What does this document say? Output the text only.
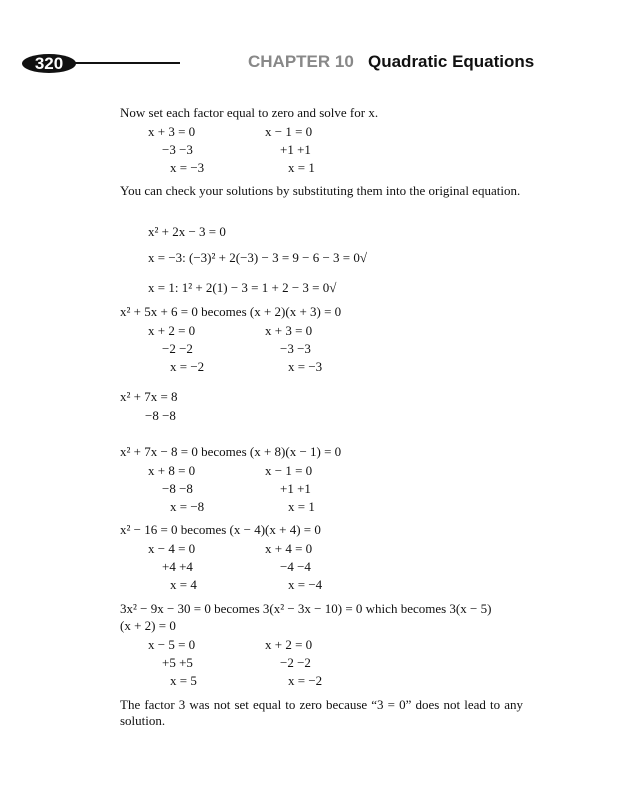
320	CHAPTER 10 Quadratic Equations
Now set each factor equal to zero and solve for x.
x + 3 = 0
−3 −3
x = −3
x − 1 = 0
+1 +1
x = 1
You can check your solutions by substituting them into the original equation.
x² + 2x − 3 = 0
x = −3: (−3)² + 2(−3) − 3 = 9 − 6 − 3 = 0√
x = 1: 1² + 2(1) − 3 = 1 + 2 − 3 = 0√
x² + 5x + 6 = 0 becomes (x + 2)(x + 3) = 0
x + 2 = 0
−2 −2
x = −2
x + 3 = 0
−3 −3
x = −3
x² + 7x = 8
−8 −8
x² + 7x − 8 = 0 becomes (x + 8)(x − 1) = 0
x + 8 = 0
−8 −8
x = −8
x − 1 = 0
+1 +1
x = 1
x² − 16 = 0 becomes (x − 4)(x + 4) = 0
x − 4 = 0
+4 +4
x = 4
x + 4 = 0
−4 −4
x = −4
3x² − 9x − 30 = 0 becomes 3(x² − 3x − 10) = 0 which becomes 3(x − 5)
(x + 2) = 0
x − 5 = 0
+5 +5
x = 5
x + 2 = 0
−2 −2
x = −2
The factor 3 was not set equal to zero because “3 = 0” does not lead to any solution.
